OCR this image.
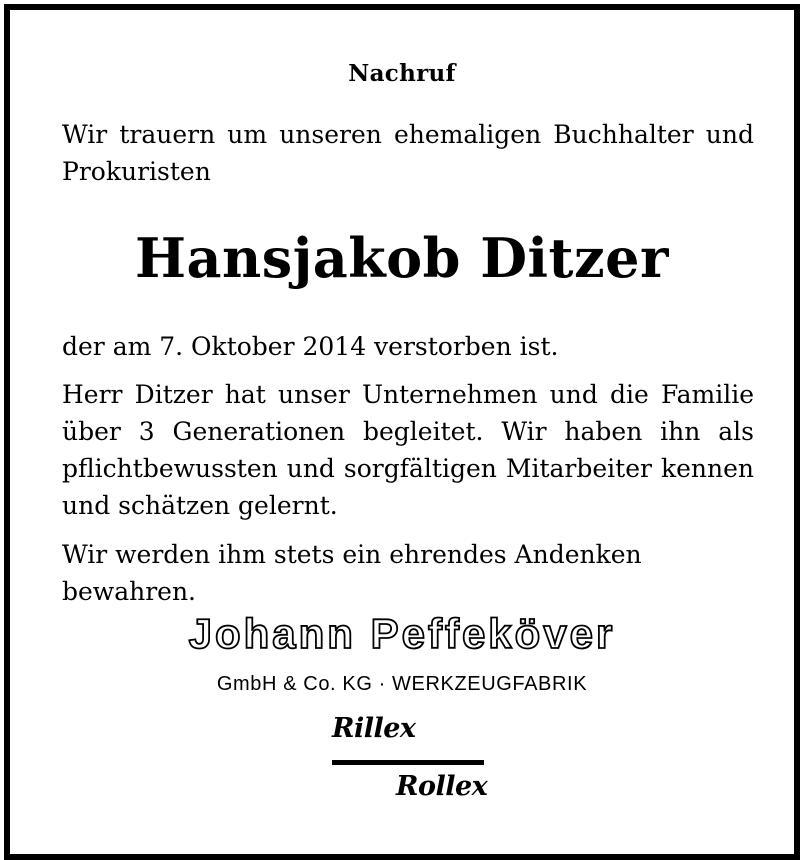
Nachruf
Wir trauern um unseren ehemaligen Buchhalter und Prokuristen
Hansjakob Ditzer
der am 7. Oktober 2014 verstorben ist.
Herr Ditzer hat unser Unternehmen und die Familie über 3 Generationen begleitet. Wir haben ihn als pflichtbewussten und sorgfältigen Mitarbeiter kennen und schätzen gelernt.
Wir werden ihm stets ein ehrendes Andenken bewahren.
Johann Peffeköver
GmbH & Co. KG · WERKZEUGFABRIK
Rillex
Rollex
